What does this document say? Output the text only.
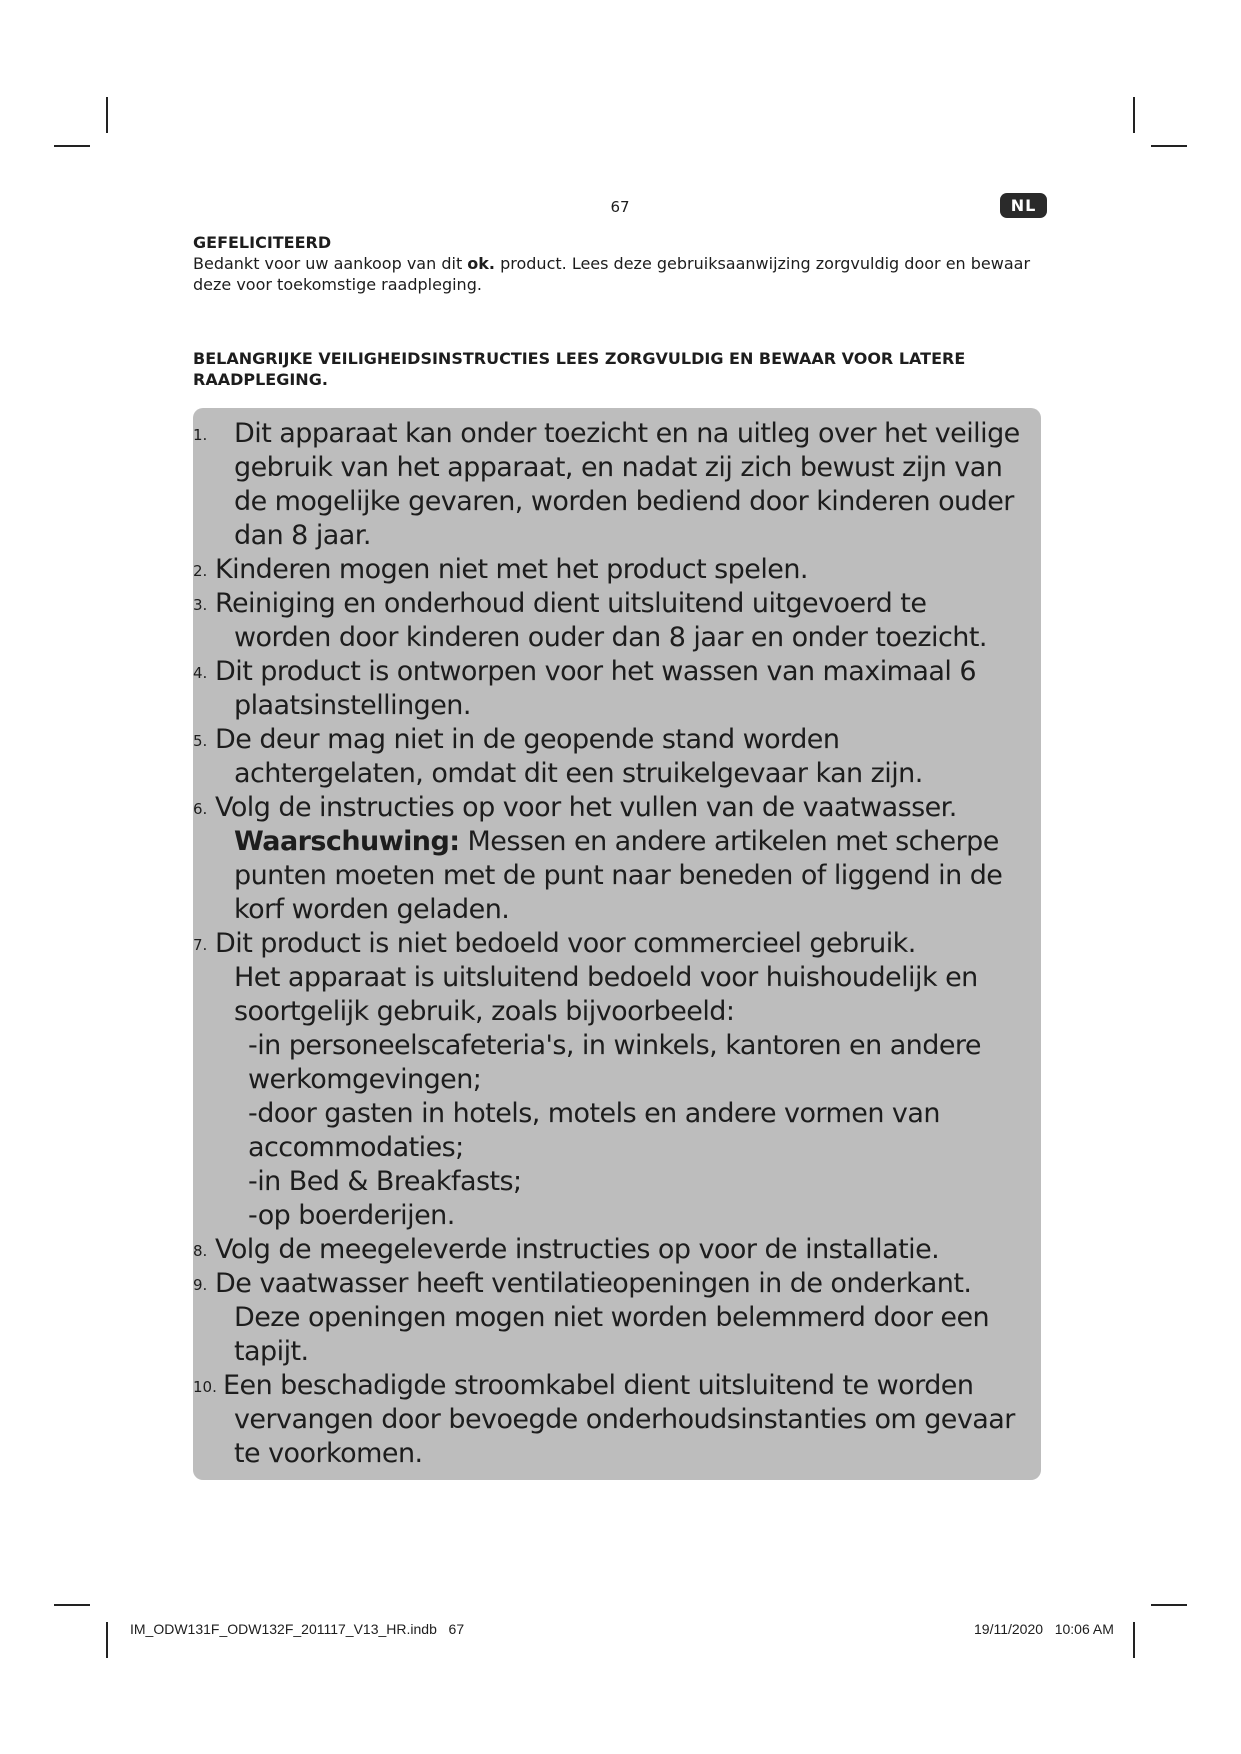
67	NL
GEFELICITEERD
Bedankt voor uw aankoop van dit ok. product. Lees deze gebruiksaanwijzing zorgvuldig door en bewaar deze voor toekomstige raadpleging.
BELANGRIJKE VEILIGHEIDSINSTRUCTIES LEES ZORGVULDIG EN BEWAAR VOOR LATERE RAADPLEGING.
1. Dit apparaat kan onder toezicht en na uitleg over het veilige gebruik van het apparaat, en nadat zij zich bewust zijn van de mogelijke gevaren, worden bediend door kinderen ouder dan 8 jaar.
2. Kinderen mogen niet met het product spelen.
3. Reiniging en onderhoud dient uitsluitend uitgevoerd te worden door kinderen ouder dan 8 jaar en onder toezicht.
4. Dit product is ontworpen voor het wassen van maximaal 6 plaatsinstellingen.
5. De deur mag niet in de geopende stand worden achtergelaten, omdat dit een struikelgevaar kan zijn.
6. Volg de instructies op voor het vullen van de vaatwasser.
Waarschuwing: Messen en andere artikelen met scherpe punten moeten met de punt naar beneden of liggend in de korf worden geladen.
7. Dit product is niet bedoeld voor commercieel gebruik.
Het apparaat is uitsluitend bedoeld voor huishoudelijk en soortgelijk gebruik, zoals bijvoorbeeld:
-in personeelscafeteria's, in winkels, kantoren en andere werkomgevingen;
-door gasten in hotels, motels en andere vormen van accommodaties;
-in Bed & Breakfasts;
-op boerderijen.
8. Volg de meegeleverde instructies op voor de installatie.
9. De vaatwasser heeft ventilatieopeningen in de onderkant.
Deze openingen mogen niet worden belemmerd door een tapijt.
10. Een beschadigde stroomkabel dient uitsluitend te worden vervangen door bevoegde onderhoudsinstanties om gevaar te voorkomen.
IM_ODW131F_ODW132F_201117_V13_HR.indb   67	19/11/2020   10:06 AM
